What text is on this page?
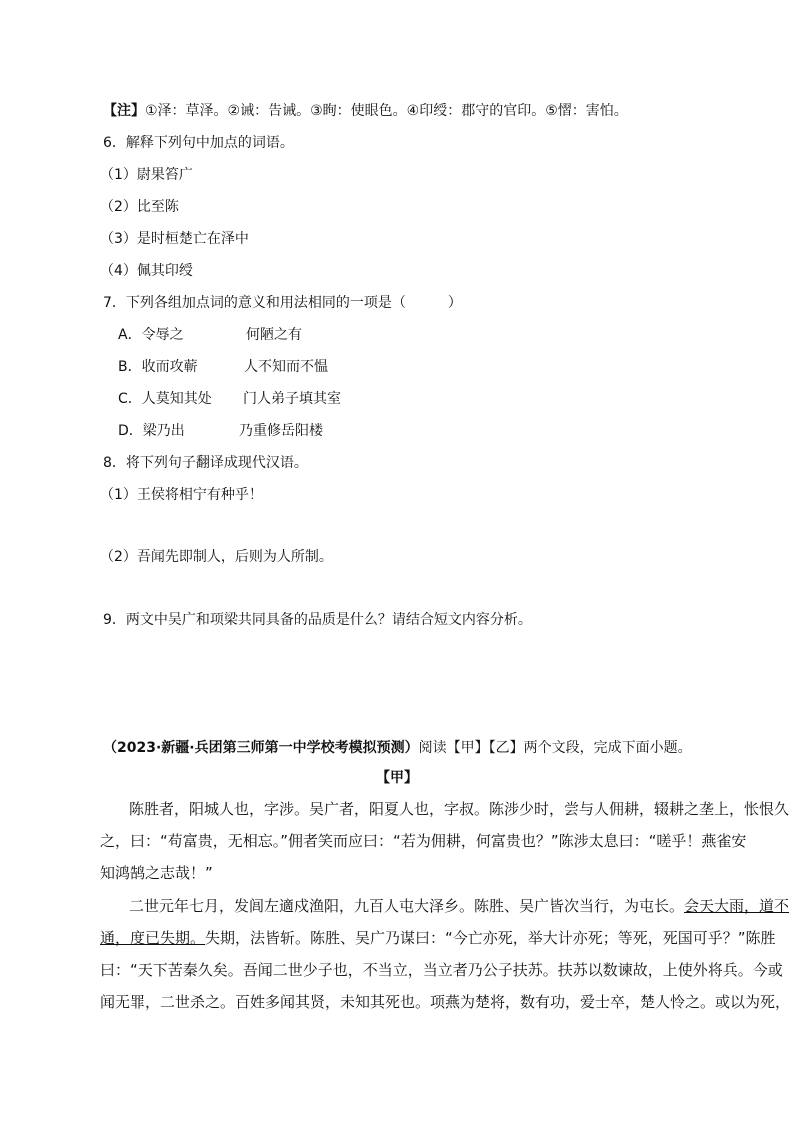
【注】①泽：草泽。②诫：告诫。③眴：使眼色。④印绶：郡守的官印。⑤慴：害怕。
6．解释下列句中加点的词语。
（1）尉果笞广
（2）比至陈
（3）是时桓楚亡在泽中
（4）佩其印绶
7．下列各组加点词的意义和用法相同的一项是（　　　）
A．令辱之	何陋之有
B．收而攻蕲	人不知而不愠
C．人莫知其处 门人弟子填其室
D．梁乃出	乃重修岳阳楼
8．将下列句子翻译成现代汉语。
（1）王侯将相宁有种乎！
（2）吾闻先即制人，后则为人所制。
9．两文中吴广和项梁共同具备的品质是什么？请结合短文内容分析。
（2023·新疆·兵团第三师第一中学校考模拟预测）阅读【甲】【乙】两个文段，完成下面小题。
【甲】
陈胜者，阳城人也，字涉。吴广者，阳夏人也，字叔。陈涉少时，尝与人佣耕，辍耕之垄上，怅恨久
之，曰：“苟富贵，无相忘。”佣者笑而应曰：“若为佣耕，何富贵也？”陈涉太息曰：“嗟乎！燕雀安
知鸿鹄之志哉！”
二世元年七月，发闾左適戍渔阳，九百人屯大泽乡。陈胜、吴广皆次当行，为屯长。会天大雨，道不
通，度已失期。失期，法皆斩。陈胜、吴广乃谋曰：“今亡亦死，举大计亦死；等死，死国可乎？”陈胜
曰：“天下苦秦久矣。吾闻二世少子也，不当立，当立者乃公子扶苏。扶苏以数谏故，上使外将兵。今或
闻无罪，二世杀之。百姓多闻其贤，未知其死也。项燕为楚将，数有功，爱士卒，楚人怜之。或以为死，
